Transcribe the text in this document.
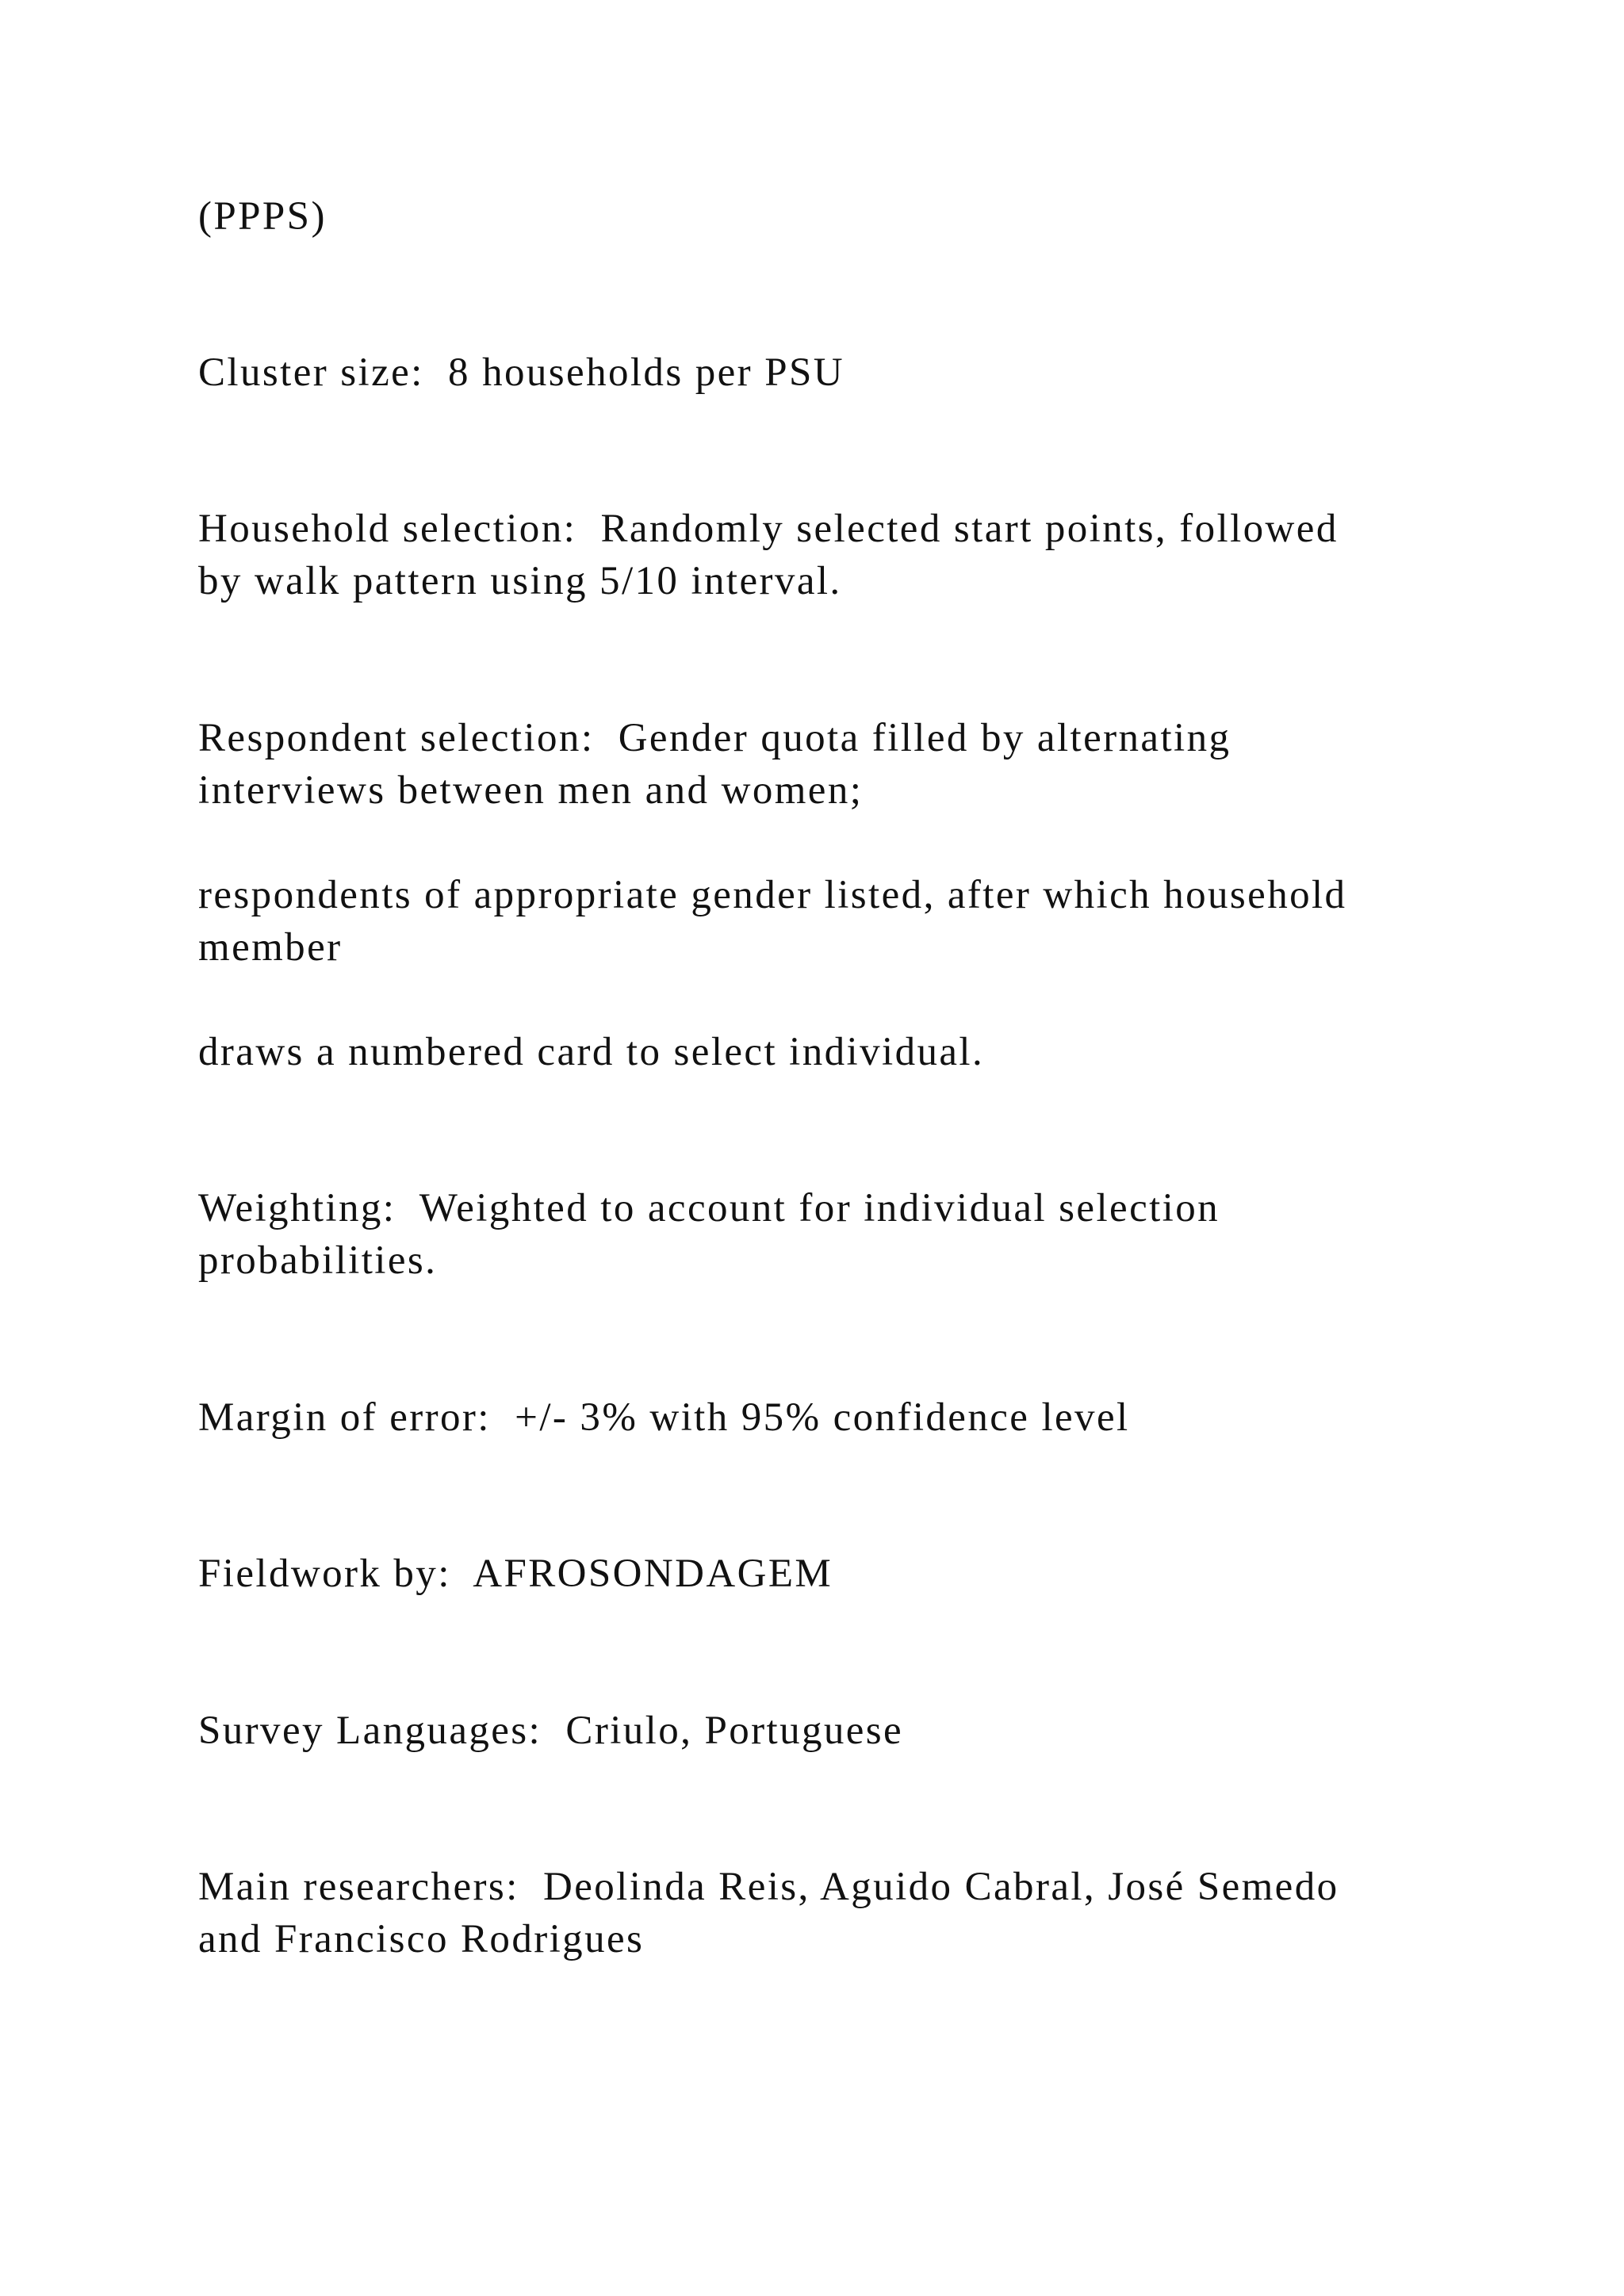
(PPPS)

Cluster size:  8 households per PSU

Household selection:  Randomly selected start points, followed

by walk pattern using 5/10 interval.

Respondent selection:  Gender quota filled by alternating

interviews between men and women;

respondents of appropriate gender listed, after which household

member

draws a numbered card to select individual.

Weighting:  Weighted to account for individual selection

probabilities.

Margin of error:  +/- 3% with 95% confidence level

Fieldwork by:  AFROSONDAGEM

Survey Languages:  Criulo, Portuguese

Main researchers:  Deolinda Reis, Aguido Cabral, José Semedo

and Francisco Rodrigues
